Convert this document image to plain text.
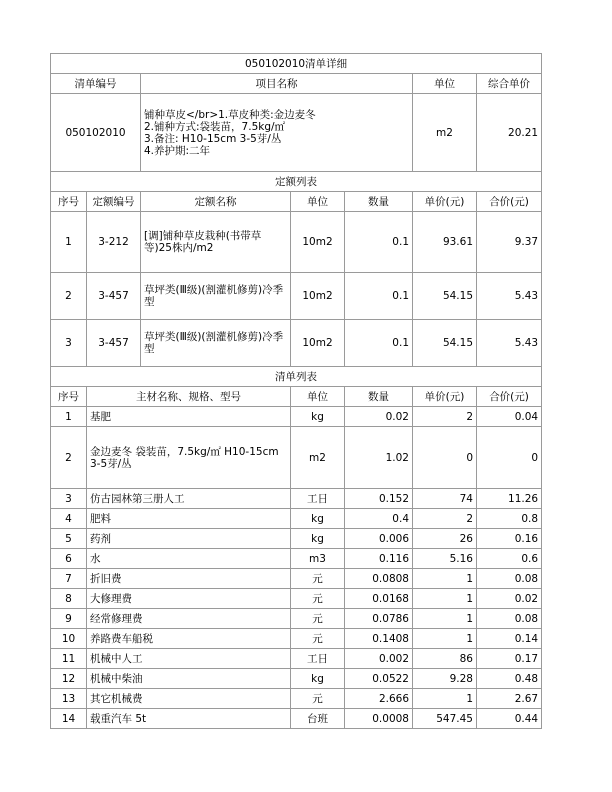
050102010清单详细						
清单编号		项目名称			单位	综合单价
050102010		铺种草皮</br>1.草皮种类:金边麦冬
2.铺种方式:袋装苗，7.5kg/㎡
3.备注: H10-15cm 3-5芽/丛
4.养护期:二年			m2	20.21
定额列表						
序号	定额编号	定额名称	单位	数量	单价(元)	合价(元)
1	3-212	[调]铺种草皮栽种(书带草等)25株内/m2	10m2	0.1	93.61	9.37
2	3-457	草坪类(Ⅲ级)(割灌机修剪)冷季型	10m2	0.1	54.15	5.43
3	3-457	草坪类(Ⅲ级)(割灌机修剪)冷季型	10m2	0.1	54.15	5.43
清单列表						
序号	主材名称、规格、型号		单位	数量	单价(元)	合价(元)
1	基肥		kg	0.02	2	0.04
2	金边麦冬 袋装苗，7.5kg/㎡ H10-15cm 3-5芽/丛		m2	1.02	0	0
3	仿古园林第三册人工		工日	0.152	74	11.26
4	肥料		kg	0.4	2	0.8
5	药剂		kg	0.006	26	0.16
6	水		m3	0.116	5.16	0.6
7	折旧费		元	0.0808	1	0.08
8	大修理费		元	0.0168	1	0.02
9	经常修理费		元	0.0786	1	0.08
10	养路费车船税		元	0.1408	1	0.14
11	机械中人工		工日	0.002	86	0.17
12	机械中柴油		kg	0.0522	9.28	0.48
13	其它机械费		元	2.666	1	2.67
14	载重汽车 5t		台班	0.0008	547.45	0.44
